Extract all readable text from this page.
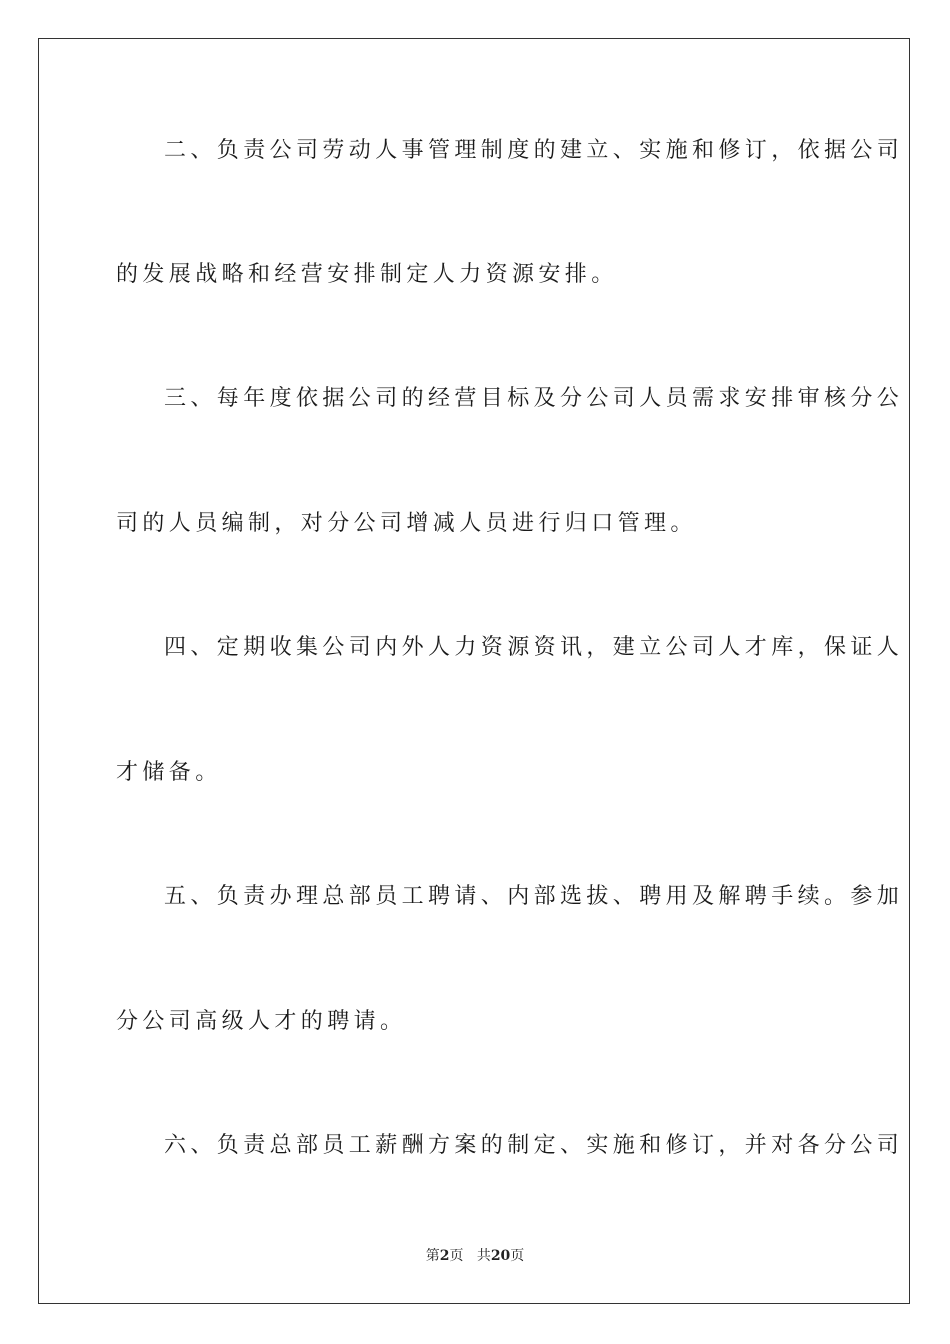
二、负责公司劳动人事管理制度的建立、实施和修订，依据公司
的发展战略和经营安排制定人力资源安排。
三、每年度依据公司的经营目标及分公司人员需求安排审核分公
司的人员编制，对分公司增减人员进行归口管理。
四、定期收集公司内外人力资源资讯，建立公司人才库，保证人
才储备。
五、负责办理总部员工聘请、内部选拔、聘用及解聘手续。参加
分公司高级人才的聘请。
六、负责总部员工薪酬方案的制定、实施和修订，并对各分公司
第2页 共20页
